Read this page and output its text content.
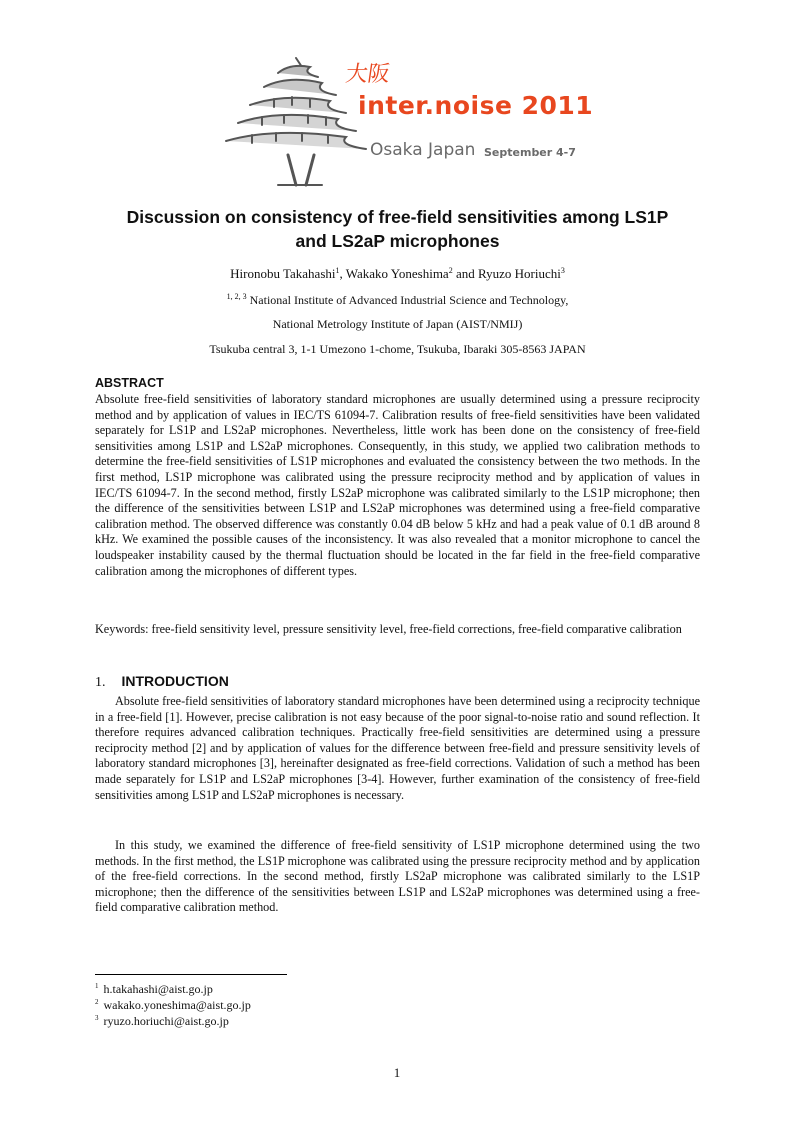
大阪
inter.noise 2011
Osaka Japan September 4-7
Discussion on consistency of free-field sensitivities among LS1P
and LS2aP microphones
Hironobu Takahashi$^1$, Wakako Yoneshima$^2$ and Ryuzo Horiuchi$^3$
$^{1, 2, 3}$ National Institute of Advanced Industrial Science and Technology,
National Metrology Institute of Japan (AIST/NMIJ)
Tsukuba central 3, 1-1 Umezono 1-chome, Tsukuba, Ibaraki 305-8563 JAPAN
ABSTRACT

Absolute free-field sensitivities of laboratory standard microphones are usually determined using a pressure reciprocity method and by application of values in IEC/TS 61094-7. Calibration results of free-field sensitivities have been validated separately for LS1P and LS2aP microphones. Nevertheless, little work has been done on the consistency of free-field sensitivities among LS1P and LS2aP microphones. Consequently, in this study, we applied two calibration methods to determine the free-field sensitivities of LS1P microphones and evaluated the consistency between the two methods. In the first method, LS1P microphone was calibrated using the pressure reciprocity method and by application of values in IEC/TS 61094-7. In the second method, firstly LS2aP microphone was calibrated similarly to the LS1P microphone; then the difference of the sensitivities between LS1P and LS2aP microphones was determined using a free-field comparative calibration method. The observed difference was constantly 0.04 dB below 5 kHz and had a peak value of 0.1 dB around 8 kHz. We examined the possible causes of the inconsistency. It was also revealed that a monitor microphone to cancel the loudspeaker instability caused by the thermal fluctuation should be located in the far field in the free-field comparative calibration among the microphones of different types.

Keywords: free-field sensitivity level, pressure sensitivity level, free-field corrections, free-field comparative calibration

1. INTRODUCTION

Absolute free-field sensitivities of laboratory standard microphones have been determined using a reciprocity technique in a free-field [1]. However, precise calibration is not easy because of the poor signal-to-noise ratio and sound reflection. It therefore requires advanced calibration techniques. Practically free-field sensitivities are determined using a pressure reciprocity method [2] and by application of values for the difference between free-field and pressure sensitivity levels of laboratory standard microphones [3], hereinafter designated as free-field corrections. Validation of such a method has been made separately for LS1P and LS2aP microphones [3-4]. However, further examination of the consistency of free-field sensitivities among LS1P and LS2aP microphones is necessary.

In this study, we examined the difference of free-field sensitivity of LS1P microphone determined using the two methods. In the first method, the LS1P microphone was calibrated using the pressure reciprocity method and by application of the free-field corrections. In the second method, firstly LS2aP microphone was calibrated similarly to the LS1P microphone; then the difference of the sensitivities between LS1P and LS2aP microphones was determined using a free-field comparative calibration method.

$^1$ h.takahashi@aist.go.jp
$^2$ wakako.yoneshima@aist.go.jp
$^3$ ryuzo.horiuchi@aist.go.jp
1
